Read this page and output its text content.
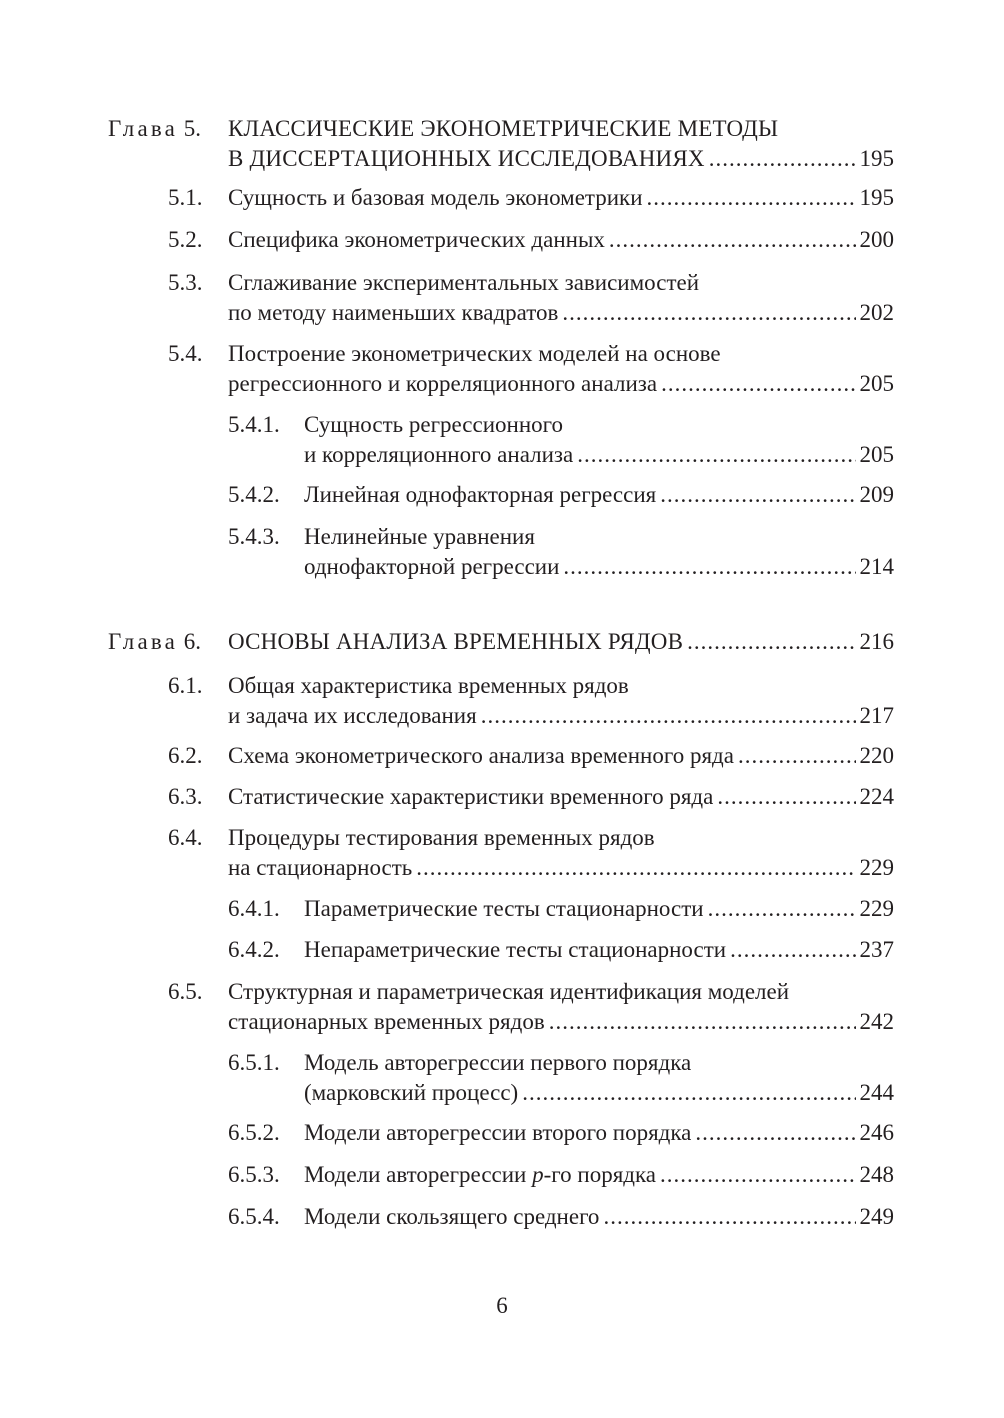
Глава 5. КЛАССИЧЕСКИЕ ЭКОНОМЕТРИЧЕСКИЕ МЕТОДЫ
В ДИССЕРТАЦИОННЫХ ИССЛЕДОВАНИЯХ .....	195
5.1. Сущность и базовая модель эконометрики .....	195
5.2. Специфика эконометрических данных .....	200
5.3. Сглаживание экспериментальных зависимостей
по методу наименьших квадратов .....	202
5.4. Построение эконометрических моделей на основе
регрессионного и корреляционного анализа .....	205
5.4.1. Сущность регрессионного
и корреляционного анализа .....	205
5.4.2. Линейная однофакторная регрессия .....	209
5.4.3. Нелинейные уравнения
однофакторной регрессии .....	214
Глава 6. ОСНОВЫ АНАЛИЗА ВРЕМЕННЫХ РЯДОВ .....	216
6.1. Общая характеристика временных рядов
и задача их исследования .....	217
6.2. Схема эконометрического анализа временного ряда .....	220
6.3. Статистические характеристики временного ряда .....	224
6.4. Процедуры тестирования временных рядов
на стационарность .....	229
6.4.1. Параметрические тесты стационарности .....	229
6.4.2. Непараметрические тесты стационарности .....	237
6.5. Структурная и параметрическая идентификация моделей
стационарных временных рядов .....	242
6.5.1. Модель авторегрессии первого порядка
(марковский процесс) .....	244
6.5.2. Модели авторегрессии второго порядка .....	246
6.5.3. Модели авторегрессии p-го порядка .....	248
6.5.4. Модели скользящего среднего .....	249
6
